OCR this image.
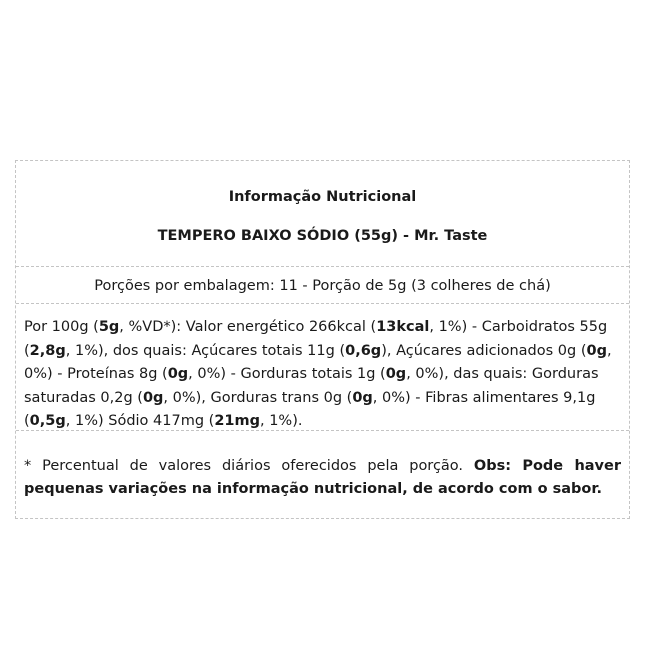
Informação Nutricional
TEMPERO BAIXO SÓDIO (55g) - Mr. Taste
Porções por embalagem: 11 - Porção de 5g (3 colheres de chá)
Por 100g (5g, %VD*): Valor energético 266kcal (13kcal, 1%) - Carboidratos 55g (2,8g, 1%), dos quais: Açúcares totais 11g (0,6g), Açúcares adicionados 0g (0g, 0%) - Proteínas 8g (0g, 0%) - Gorduras totais 1g (0g, 0%), das quais: Gorduras saturadas 0,2g (0g, 0%), Gorduras trans 0g (0g, 0%) - Fibras alimentares 9,1g (0,5g, 1%) Sódio 417mg (21mg, 1%).
* Percentual de valores diários oferecidos pela porção. Obs: Pode haver pequenas variações na informação nutricional, de acordo com o sabor.
